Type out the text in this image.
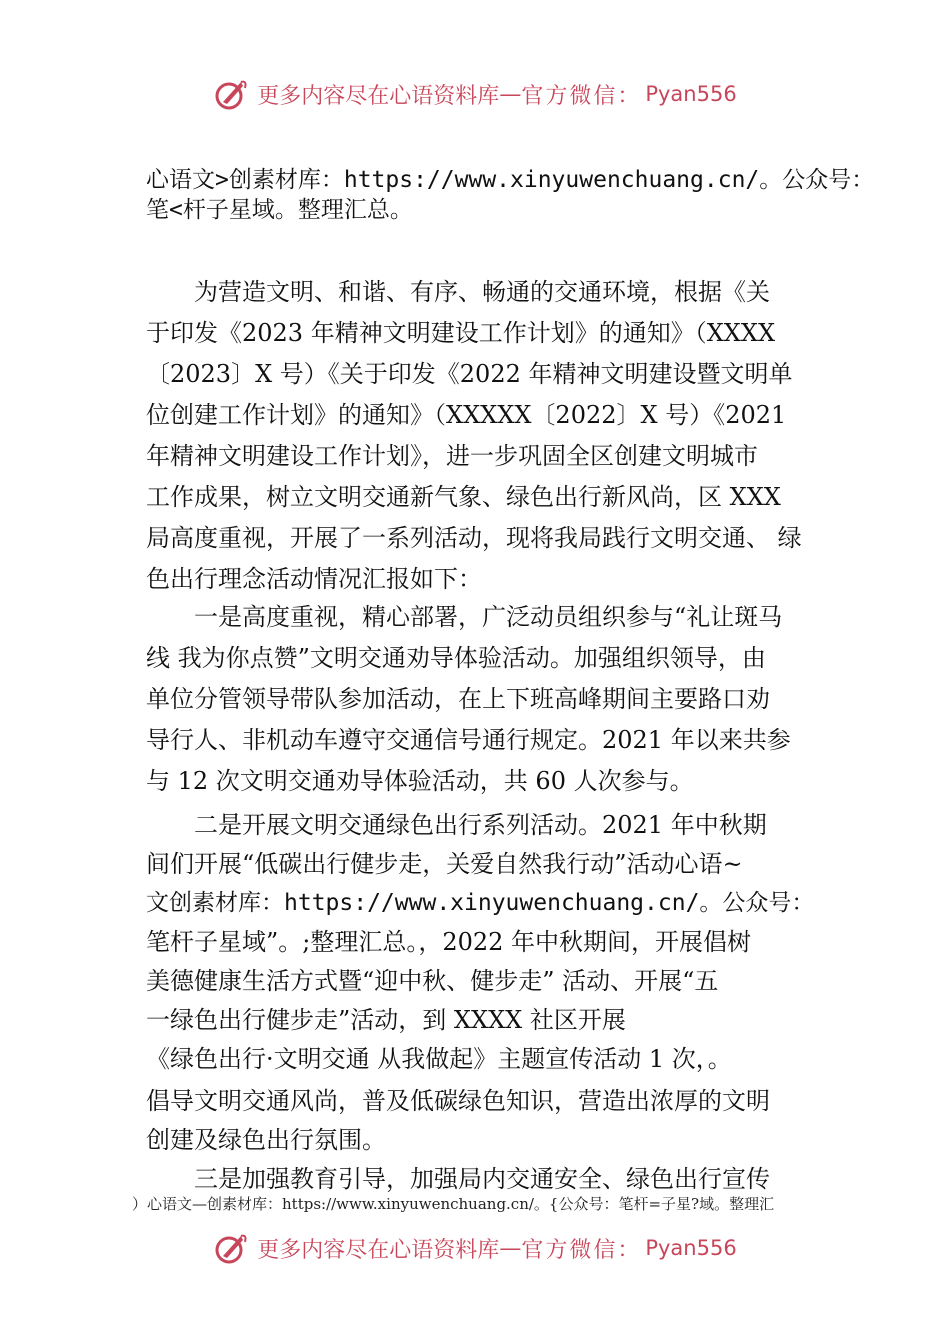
更多内容尽在心语资料库 — 官方微信： Pyan556
心语文>创素材库：https://www.xinyuwenchuang.cn/。公众号：
笔<杆子星域。整理汇总。
　　为营造文明、和谐、有序、畅通的交通环境，根据《关
于印发《2023 年精神文明建设工作计划》的通知》（XXXX
〔2023〕X 号）《关于印发《2022 年精神文明建设暨文明单
位创建工作计划》的通知》（XXXXX〔2022〕X 号）《2021
年精神文明建设工作计划》，进一步巩固全区创建文明城市
工作成果，树立文明交通新气象、绿色出行新风尚，区 XXX
局高度重视，开展了一系列活动，现将我局践行文明交通、 绿
色出行理念活动情况汇报如下：
　　一是高度重视，精心部署，广泛动员组织参与“礼让斑马
线 我为你点赞”文明交通劝导体验活动。加强组织领导，由
单位分管领导带队参加活动，在上下班高峰期间主要路口劝
导行人、非机动车遵守交通信号通行规定。2021 年以来共参
与 12 次文明交通劝导体验活动，共 60 人次参与。
　　二是开展文明交通绿色出行系列活动。2021 年中秋期
间们开展“低碳出行健步走，关爱自然我行动”活动心语~
文创素材库：https://www.xinyuwenchuang.cn/。公众号：
笔杆子星域”。;整理汇总。，2022 年中秋期间，开展倡树
美德健康生活方式暨“迎中秋、健步走” 活动、开展“五
一绿色出行健步走”活动，到 XXXX 社区开展
《绿色出行·文明交通 从我做起》主题宣传活动 1 次，。
倡导文明交通风尚，普及低碳绿色知识，营造出浓厚的文明
创建及绿色出行氛围。
　　三是加强教育引导，加强局内交通安全、绿色出行宣传
）心语文—创素材库：https://www.xinyuwenchuang.cn/。{公众号：笔杆=子星?域。整理汇
更多内容尽在心语资料库 — 官方微信： Pyan556
